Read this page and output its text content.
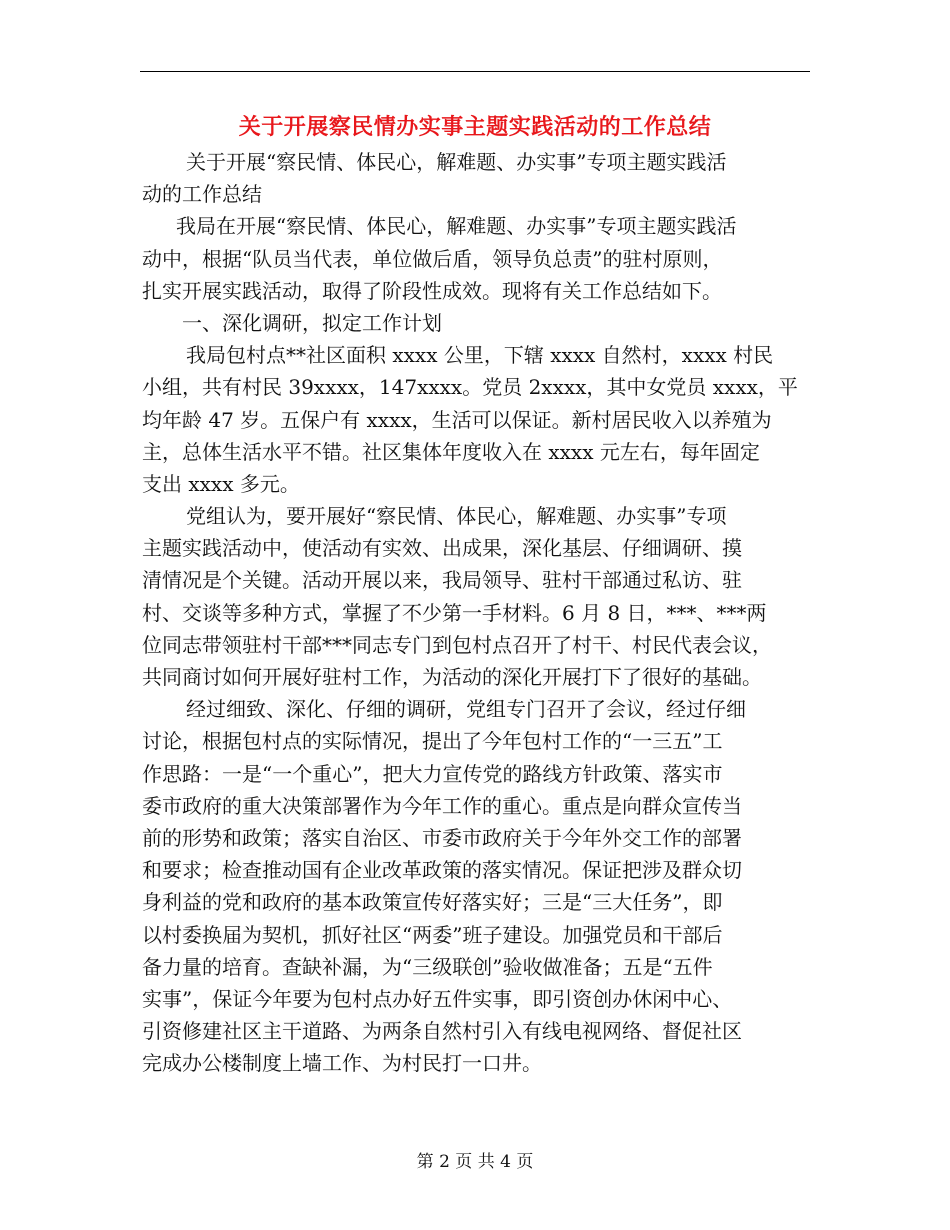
关于开展察民情办实事主题实践活动的工作总结
关于开展“察民情、体民心，解难题、办实事”专项主题实践活
动的工作总结
我局在开展“察民情、体民心，解难题、办实事”专项主题实践活
动中，根据“队员当代表，单位做后盾，领导负总责”的驻村原则，
扎实开展实践活动，取得了阶段性成效。现将有关工作总结如下。
一、深化调研，拟定工作计划
我局包村点**社区面积 xxxx 公里，下辖 xxxx 自然村，xxxx 村民
小组，共有村民 39xxxx，147xxxx。党员 2xxxx，其中女党员 xxxx，平
均年龄 47 岁。五保户有 xxxx，生活可以保证。新村居民收入以养殖为
主，总体生活水平不错。社区集体年度收入在 xxxx 元左右，每年固定
支出 xxxx 多元。
党组认为，要开展好“察民情、体民心，解难题、办实事”专项
主题实践活动中，使活动有实效、出成果，深化基层、仔细调研、摸
清情况是个关键。活动开展以来，我局领导、驻村干部通过私访、驻
村、交谈等多种方式，掌握了不少第一手材料。6 月 8 日，***、***两
位同志带领驻村干部***同志专门到包村点召开了村干、村民代表会议，
共同商讨如何开展好驻村工作，为活动的深化开展打下了很好的基础。
经过细致、深化、仔细的调研，党组专门召开了会议，经过仔细
讨论，根据包村点的实际情况，提出了今年包村工作的“一三五”工
作思路：一是“一个重心”，把大力宣传党的路线方针政策、落实市
委市政府的重大决策部署作为今年工作的重心。重点是向群众宣传当
前的形势和政策；落实自治区、市委市政府关于今年外交工作的部署
和要求；检查推动国有企业改革政策的落实情况。保证把涉及群众切
身利益的党和政府的基本政策宣传好落实好；三是“三大任务”，即
以村委换届为契机，抓好社区“两委”班子建设。加强党员和干部后
备力量的培育。查缺补漏，为“三级联创”验收做准备；五是“五件
实事”，保证今年要为包村点办好五件实事，即引资创办休闲中心、
引资修建社区主干道路、为两条自然村引入有线电视网络、督促社区
完成办公楼制度上墙工作、为村民打一口井。
第 2 页 共 4 页
